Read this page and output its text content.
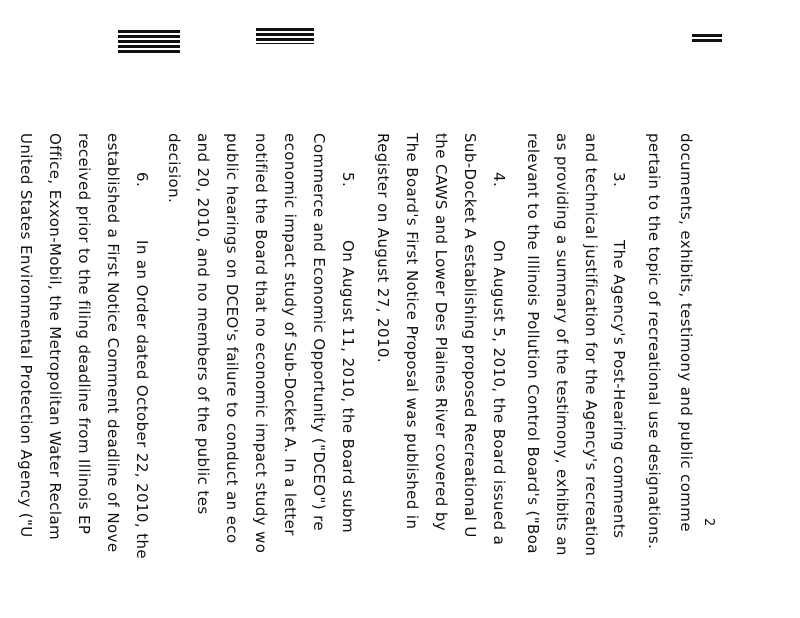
documents, exhibits, testimony and public comme
pertain to the topic of recreational use designations.
3.
The Agency's Post-Hearing comments
and technical justification for the Agency's recreation
as providing a summary of the testimony, exhibits an
relevant to the Illinois Pollution Control Board's ("Boa
4.
On August 5, 2010, the Board issued a
Sub-Docket A establishing proposed Recreational U
the CAWS and Lower Des Plaines River covered by
The Board's First Notice Proposal was published in
Register on August 27, 2010.
5.
On August 11, 2010, the Board subm
Commerce and Economic Opportunity ("DCEO") re
economic impact study of Sub-Docket A. In a letter
notified the Board that no economic impact study wo
public hearings on DCEO's failure to conduct an eco
and 20, 2010, and no members of the public tes
decision.
6.
In an Order dated October 22, 2010, the
established a First Notice Comment deadline of Nove
received prior to the filing deadline from Illinois EP
Office, Exxon-Mobil, the Metropolitan Water Reclam
United States Environmental Protection Agency ("U	2
